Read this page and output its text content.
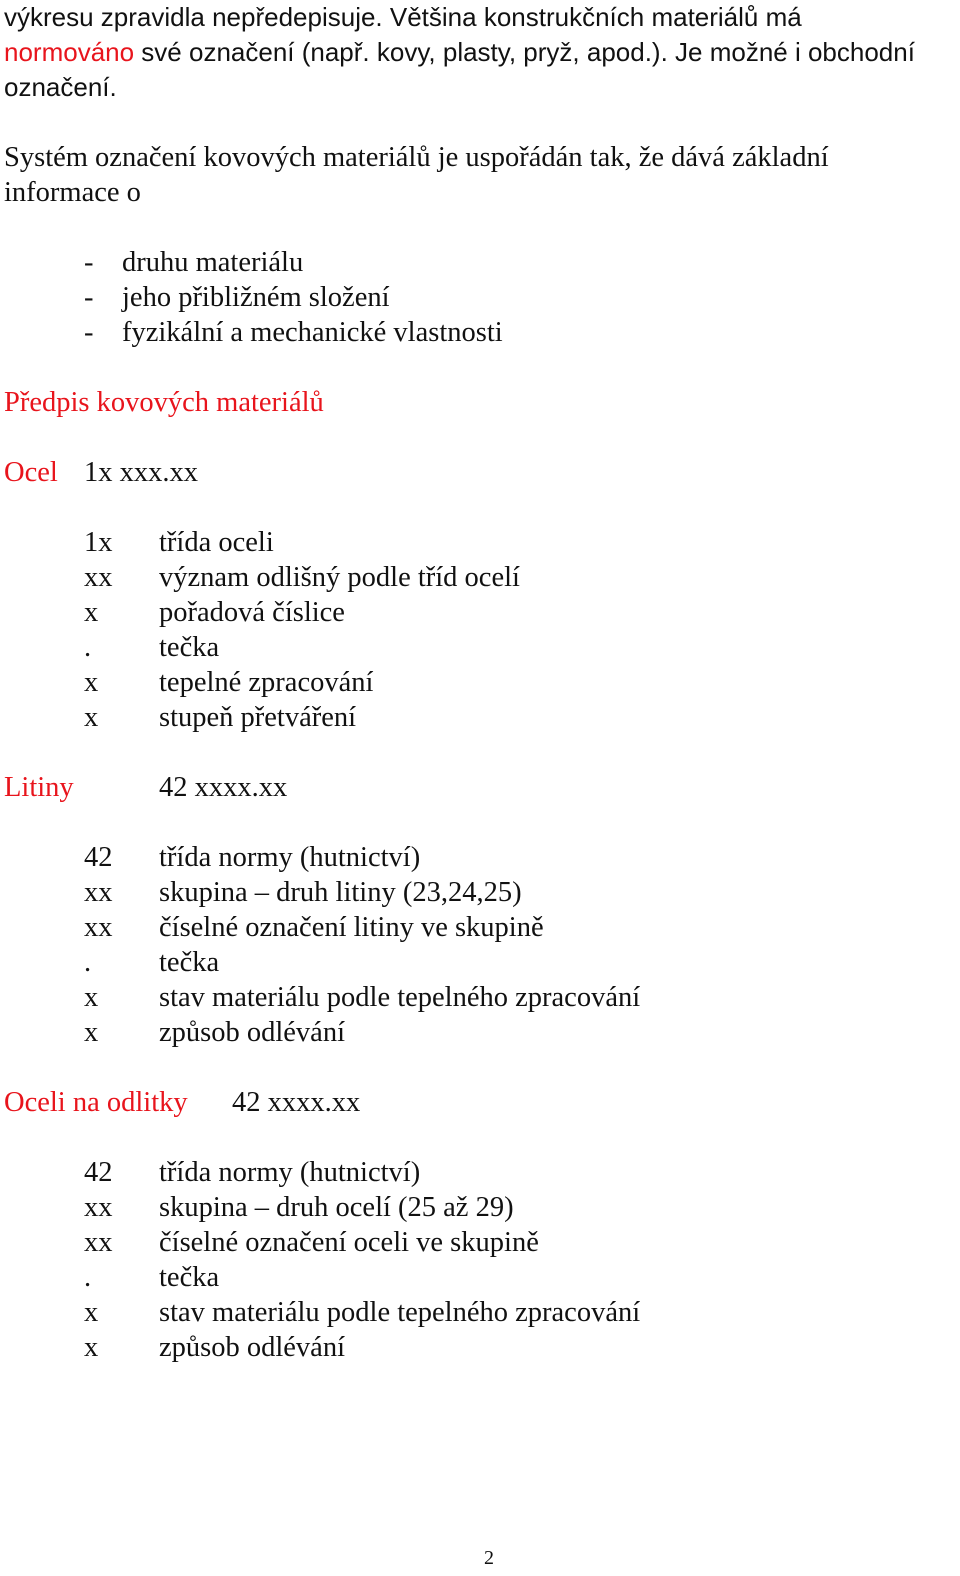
výkresu zpravidla nepředepisuje. Většina konstrukčních materiálů má
normováno své označení (např. kovy, plasty, pryž, apod.). Je možné i obchodní
označení.
Systém označení kovových materiálů je uspořádán tak, že dává základní
informace o
- druhu materiálu
- jeho přibližném složení
- fyzikální a mechanické vlastnosti
Předpis kovových materiálů
Ocel 1x xxx.xx
1x třída oceli
xx význam odlišný podle tříd ocelí
x pořadová číslice
. tečka
x tepelné zpracování
x stupeň přetváření
Litiny	42 xxxx.xx
42 třída normy (hutnictví)
xx skupina – druh litiny (23,24,25)
xx číselné označení litiny ve skupině
. tečka
x stav materiálu podle tepelného zpracování
x způsob odlévání
Oceli na odlitky 42 xxxx.xx
42 třída normy (hutnictví)
xx skupina – druh ocelí (25 až 29)
xx číselné označení oceli ve skupině
. tečka
x stav materiálu podle tepelného zpracování
x způsob odlévání
2
